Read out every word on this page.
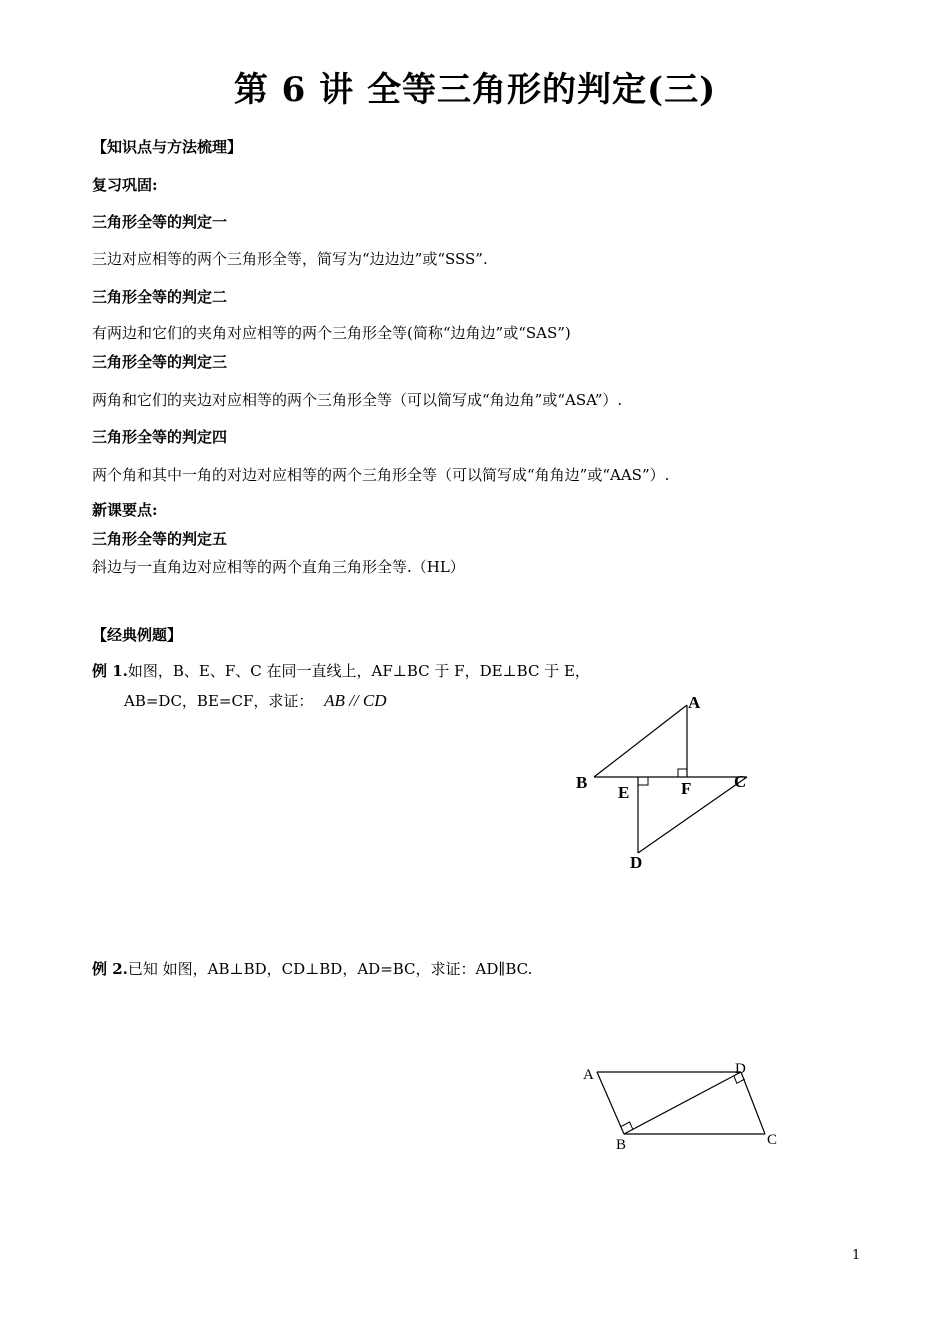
第 6 讲 全等三角形的判定(三)
【知识点与方法梳理】
复习巩固:
三角形全等的判定一
三边对应相等的两个三角形全等，简写为“边边边”或“SSS”.
三角形全等的判定二
有两边和它们的夹角对应相等的两个三角形全等(简称“边角边”或“SAS”)
三角形全等的判定三
两角和它们的夹边对应相等的两个三角形全等（可以简写成“角边角”或“ASA”）.
三角形全等的判定四
两个角和其中一角的对边对应相等的两个三角形全等（可以简写成“角角边”或“AAS”）.
新课要点:
三角形全等的判定五
斜边与一直角边对应相等的两个直角三角形全等.（HL）
【经典例题】
例 1.如图，B、E、F、C 在同一直线上，AF⊥BC 于 F，DE⊥BC 于 E，
AB=DC，BE=CF，求证： AB // CD	A
B	C
D
E	F
例 2.已知 如图，AB⊥BD，CD⊥BD，AD=BC，求证：AD∥BC.
A
B	C
D
1
